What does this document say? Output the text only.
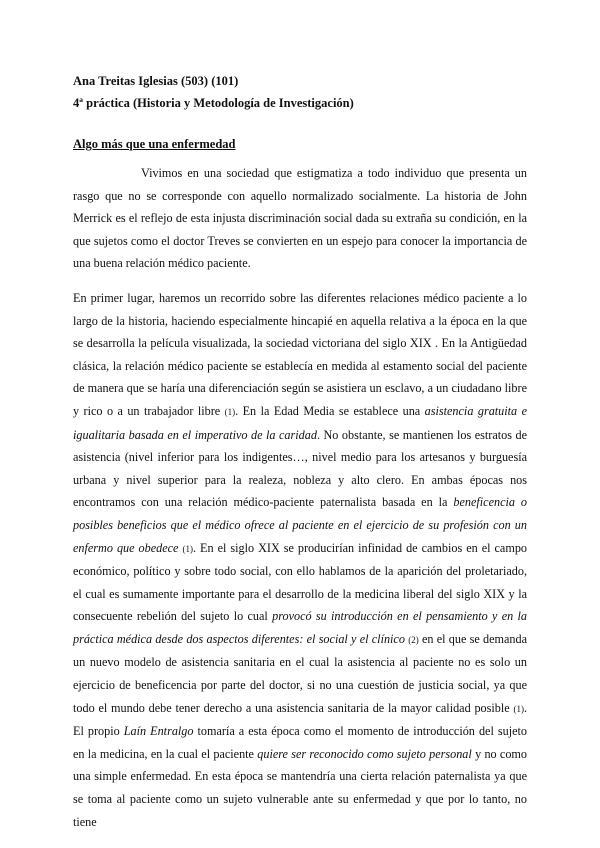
Ana Treitas Iglesias (503) (101)
4ª práctica (Historia y Metodología de Investigación)
Algo más que una enfermedad

Vivimos en una sociedad que estigmatiza a todo individuo que presenta un rasgo que no se corresponde con aquello normalizado socialmente. La historia de John Merrick es el reflejo de esta injusta discriminación social dada su extraña su condición, en la que sujetos como el doctor Treves se convierten en un espejo para conocer la importancia de una buena relación médico paciente.

En primer lugar, haremos un recorrido sobre las diferentes relaciones médico paciente a lo largo de la historia, haciendo especialmente hincapié en aquella relativa a la época en la que se desarrolla la película visualizada, la sociedad victoriana del siglo XIX . En la Antigüedad clásica, la relación médico paciente se establecía en medida al estamento social del paciente de manera que se haría una diferenciación según se asistiera un esclavo, a un ciudadano libre y rico o a un trabajador libre (1). En la Edad Media se establece una asistencia gratuita e igualitaria basada en el imperativo de la caridad. No obstante, se mantienen los estratos de asistencia (nivel inferior para los indigentes…, nivel medio para los artesanos y burguesía urbana y nivel superior para la realeza, nobleza y alto clero. En ambas épocas nos encontramos con una relación médico-paciente paternalista basada en la beneficencia o posibles beneficios que el médico ofrece al paciente en el ejercicio de su profesión con un enfermo que obedece (1). En el siglo XIX se producirían infinidad de cambios en el campo económico, político y sobre todo social, con ello hablamos de la aparición del proletariado, el cual es sumamente importante para el desarrollo de la medicina liberal del siglo XIX y la consecuente rebelión del sujeto lo cual provocó su introducción en el pensamiento y en la práctica médica desde dos aspectos diferentes: el social y el clínico (2) en el que se demanda un nuevo modelo de asistencia sanitaria en el cual la asistencia al paciente no es solo un ejercicio de beneficencia por parte del doctor, si no una cuestión de justicia social, ya que todo el mundo debe tener derecho a una asistencia sanitaria de la mayor calidad posible (1). El propio Laín Entralgo tomaría a esta época como el momento de introducción del sujeto en la medicina, en la cual el paciente quiere ser reconocido como sujeto personal y no como una simple enfermedad. En esta época se mantendría una cierta relación paternalista ya que se toma al paciente como un sujeto vulnerable ante su enfermedad y que por lo tanto, no tiene
